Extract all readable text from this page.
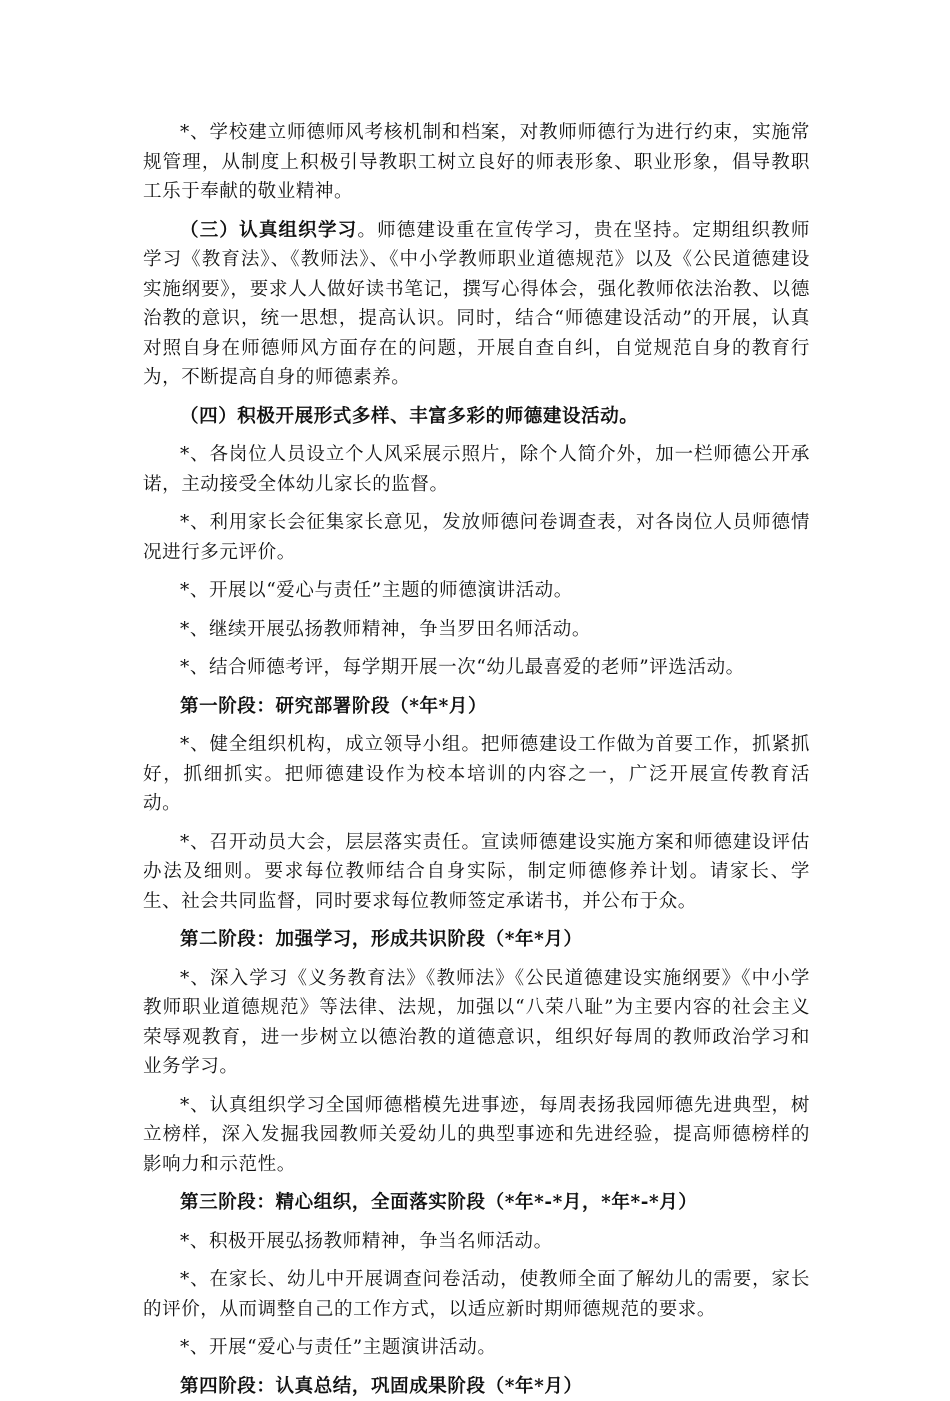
*、学校建立师德师风考核机制和档案，对教师师德行为进行约束，实施常规管理，从制度上积极引导教职工树立良好的师表形象、职业形象，倡导教职工乐于奉献的敬业精神。

（三）认真组织学习。师德建设重在宣传学习，贵在坚持。定期组织教师学习《教育法》、《教师法》、《中小学教师职业道德规范》以及《公民道德建设实施纲要》，要求人人做好读书笔记，撰写心得体会，强化教师依法治教、以德治教的意识，统一思想，提高认识。同时，结合“师德建设活动”的开展，认真对照自身在师德师风方面存在的问题，开展自查自纠，自觉规范自身的教育行为，不断提高自身的师德素养。

（四）积极开展形式多样、丰富多彩的师德建设活动。

*、各岗位人员设立个人风采展示照片，除个人简介外，加一栏师德公开承诺，主动接受全体幼儿家长的监督。

*、利用家长会征集家长意见，发放师德问卷调查表，对各岗位人员师德情况进行多元评价。

*、开展以“爱心与责任”主题的师德演讲活动。

*、继续开展弘扬教师精神，争当罗田名师活动。

*、结合师德考评，每学期开展一次“幼儿最喜爱的老师”评选活动。

第一阶段：研究部署阶段（*年*月）

*、健全组织机构，成立领导小组。把师德建设工作做为首要工作，抓紧抓好，抓细抓实。把师德建设作为校本培训的内容之一，广泛开展宣传教育活动。

*、召开动员大会，层层落实责任。宣读师德建设实施方案和师德建设评估办法及细则。要求每位教师结合自身实际，制定师德修养计划。请家长、学生、社会共同监督，同时要求每位教师签定承诺书，并公布于众。

第二阶段：加强学习，形成共识阶段（*年*月）

*、深入学习《义务教育法》《教师法》《公民道德建设实施纲要》《中小学教师职业道德规范》等法律、法规，加强以“八荣八耻”为主要内容的社会主义荣辱观教育，进一步树立以德治教的道德意识，组织好每周的教师政治学习和业务学习。

*、认真组织学习全国师德楷模先进事迹，每周表扬我园师德先进典型，树立榜样，深入发掘我园教师关爱幼儿的典型事迹和先进经验，提高师德榜样的影响力和示范性。

第三阶段：精心组织，全面落实阶段（*年*-*月，*年*-*月）

*、积极开展弘扬教师精神，争当名师活动。

*、在家长、幼儿中开展调查问卷活动，使教师全面了解幼儿的需要，家长的评价，从而调整自己的工作方式，以适应新时期师德规范的要求。

*、开展“爱心与责任”主题演讲活动。

第四阶段：认真总结，巩固成果阶段（*年*月）
